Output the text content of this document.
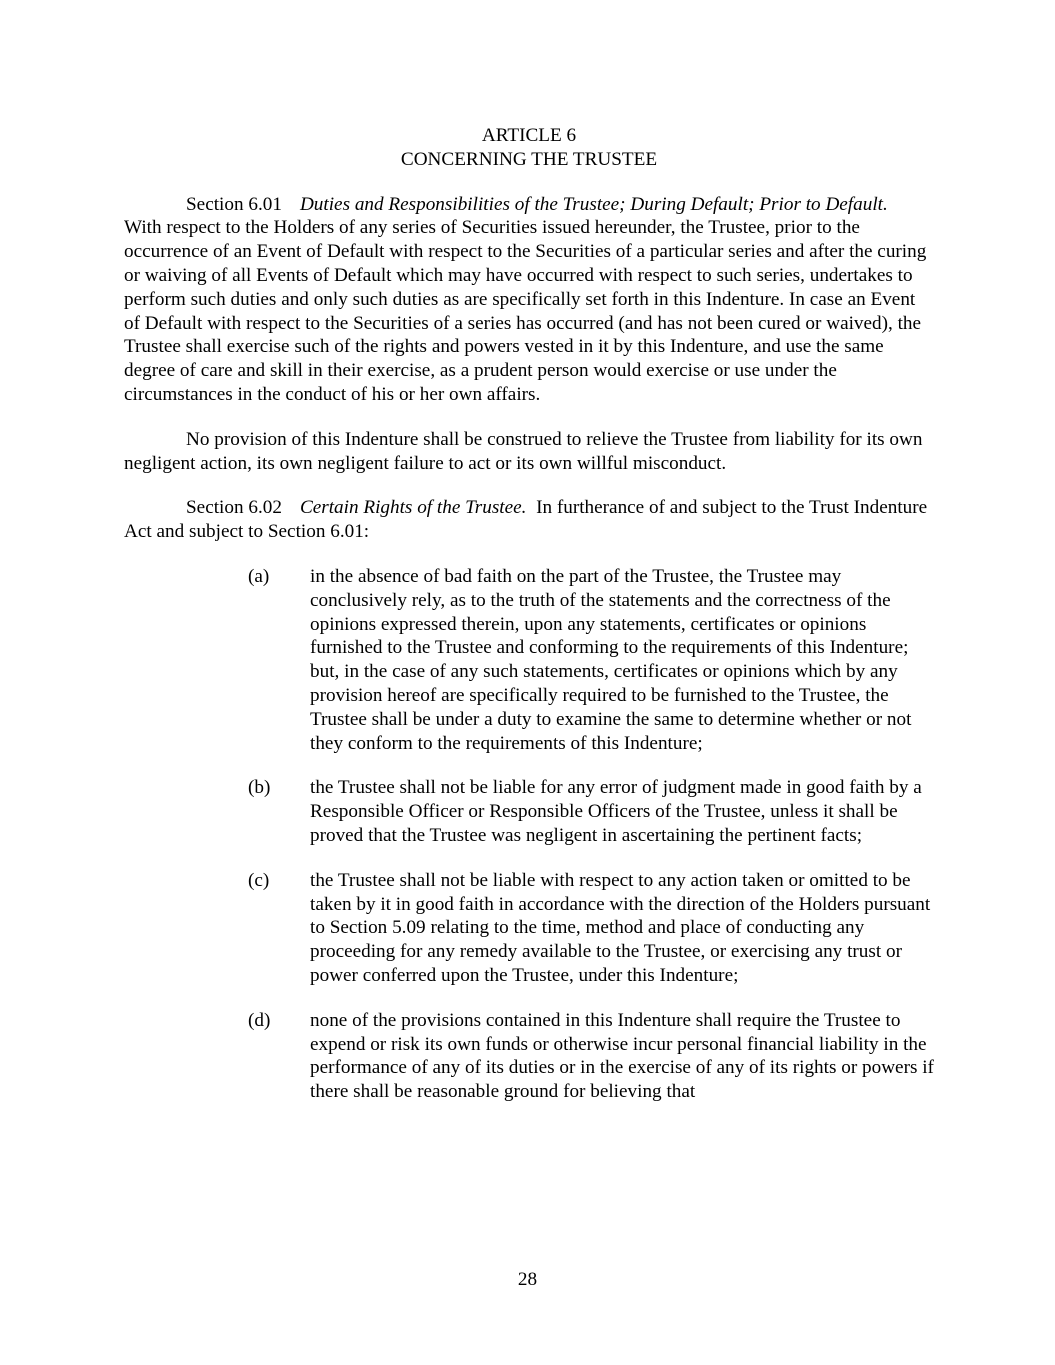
ARTICLE 6
CONCERNING THE TRUSTEE

Section 6.01 Duties and Responsibilities of the Trustee; During Default; Prior to Default.  With respect to the Holders of any series of Securities issued hereunder, the Trustee, prior to the occurrence of an Event of Default with respect to the Securities of a particular series and after the curing or waiving of all Events of Default which may have occurred with respect to such series, undertakes to perform such duties and only such duties as are specifically set forth in this Indenture. In case an Event of Default with respect to the Securities of a series has occurred (and has not been cured or waived), the Trustee shall exercise such of the rights and powers vested in it by this Indenture, and use the same degree of care and skill in their exercise, as a prudent person would exercise or use under the circumstances in the conduct of his or her own affairs.

No provision of this Indenture shall be construed to relieve the Trustee from liability for its own negligent action, its own negligent failure to act or its own willful misconduct.

Section 6.02 Certain Rights of the Trustee. In furtherance of and subject to the Trust Indenture Act and subject to Section 6.01:

(a)	in the absence of bad faith on the part of the Trustee, the Trustee may conclusively rely, as to the truth of the statements and the correctness of the opinions expressed therein, upon any statements, certificates or opinions furnished to the Trustee and conforming to the requirements of this Indenture; but, in the case of any such statements, certificates or opinions which by any provision hereof are specifically required to be furnished to the Trustee, the Trustee shall be under a duty to examine the same to determine whether or not they conform to the requirements of this Indenture;
(b)	the Trustee shall not be liable for any error of judgment made in good faith by a Responsible Officer or Responsible Officers of the Trustee, unless it shall be proved that the Trustee was negligent in ascertaining the pertinent facts;
(c)	the Trustee shall not be liable with respect to any action taken or omitted to be taken by it in good faith in accordance with the direction of the Holders pursuant to Section 5.09 relating to the time, method and place of conducting any proceeding for any remedy available to the Trustee, or exercising any trust or power conferred upon the Trustee, under this Indenture;
(d)	none of the provisions contained in this Indenture shall require the Trustee to expend or risk its own funds or otherwise incur personal financial liability in the performance of any of its duties or in the exercise of any of its rights or powers if there shall be reasonable ground for believing that
28
